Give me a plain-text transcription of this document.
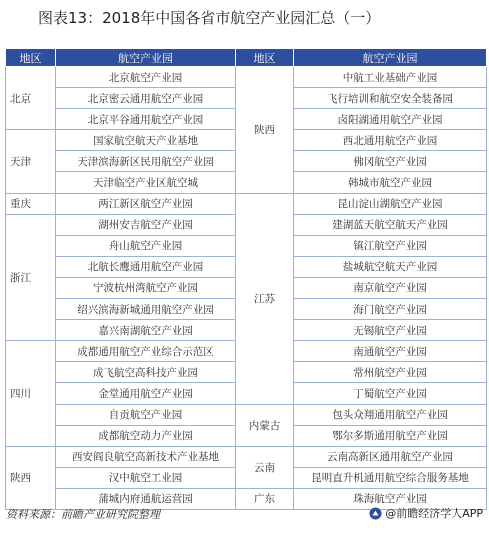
图表13：2018年中国各省市航空产业园汇总（一）
地区	航空产业园	地区	航空产业园
北京	北京航空产业园	陕西	中航工业基础产业园
	北京密云通用航空产业园		飞行培训和航空安全装备园
	北京平谷通用航空产业园		卤阳湖通用航空产业园
天津	国家航空航天产业基地		西北通用航空产业园
	天津滨海新区民用航空产业园		佛冈航空产业园
	天津临空产业区航空城		韩城市航空产业园
重庆	两江新区航空产业园	江苏	昆山淀山湖航空产业园
浙江	湖州安吉航空产业园		建湖蓝天航空航天产业园
	舟山航空产业园		镇江航空产业园
	北航长鹰通用航空产业园		盐城航空航天产业园
	宁波杭州湾航空产业园		南京航空产业园
	绍兴滨海新城通用航空产业园		海门航空产业园
	嘉兴南湖航空产业园		无锡航空产业园
四川	成都通用航空产业综合示范区		南通航空产业园
	成飞航空高科技产业园		常州航空产业园
	金堂通用航空产业园		丁蜀航空产业园
	自贡航空产业园	内蒙古	包头众翔通用航空产业园
	成都航空动力产业园		鄂尔多斯通用航空产业园
陕西	西安阎良航空高新技术产业基地	云南	云南高新区通用航空产业园
	汉中航空工业园		昆明直升机通用航空综合服务基地
	蒲城内府通航运营园	广东	珠海航空产业园
资料来源：前瞻产业研究院整理	@前瞻经济学人APP
